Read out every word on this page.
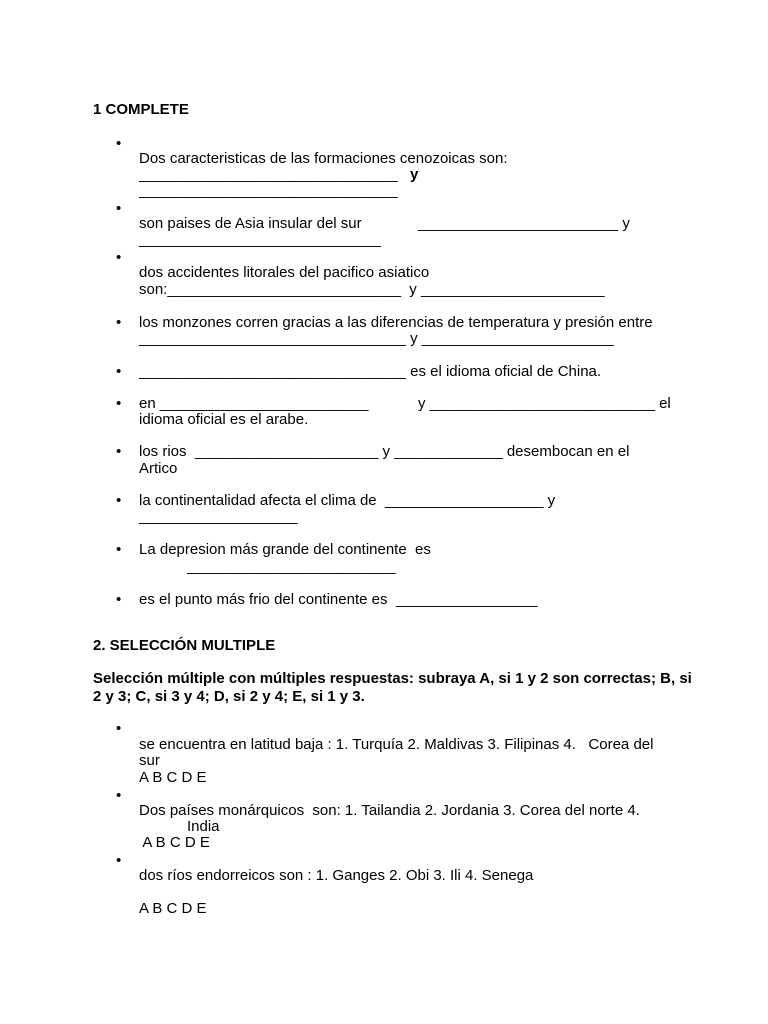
1 COMPLETE
•
Dos caracteristicas de las formaciones cenozoicas son:
_______________________________ y
_______________________________
•
son paises de Asia insular del sur	________________________ y
_____________________________
•
dos accidentes litorales del pacifico asiatico
son:____________________________  y ______________________
• los monzones corren gracias a las diferencias de temperatura y presión entre
________________________________ y _______________________
• ________________________________ es el idioma oficial de China.
• en _________________________	y ___________________________ el
idioma oficial es el arabe.
• los rios  ______________________ y _____________ desembocan en el
Artico
• la continentalidad afecta el clima de  ___________________ y
___________________
• La depresion más grande del continente  es
_________________________
• es el punto más frio del continente es  _________________
2. SELECCIÓN MULTIPLE
Selección múltiple con múltiples respuestas: subraya A, si 1 y 2 son correctas; B, si 2 y 3; C, si 3 y 4; D, si 2 y 4; E, si 1 y 3.
•
se encuentra en latitud baja : 1. Turquía 2. Maldivas 3. Filipinas 4.   Corea del
sur
A B C D E
•
Dos países monárquicos  son: 1. Tailandia 2. Jordania 3. Corea del norte 4.
India
A B C D E
•
dos ríos endorreicos son : 1. Ganges 2. Obi 3. Ili 4. Senega
A B C D E
